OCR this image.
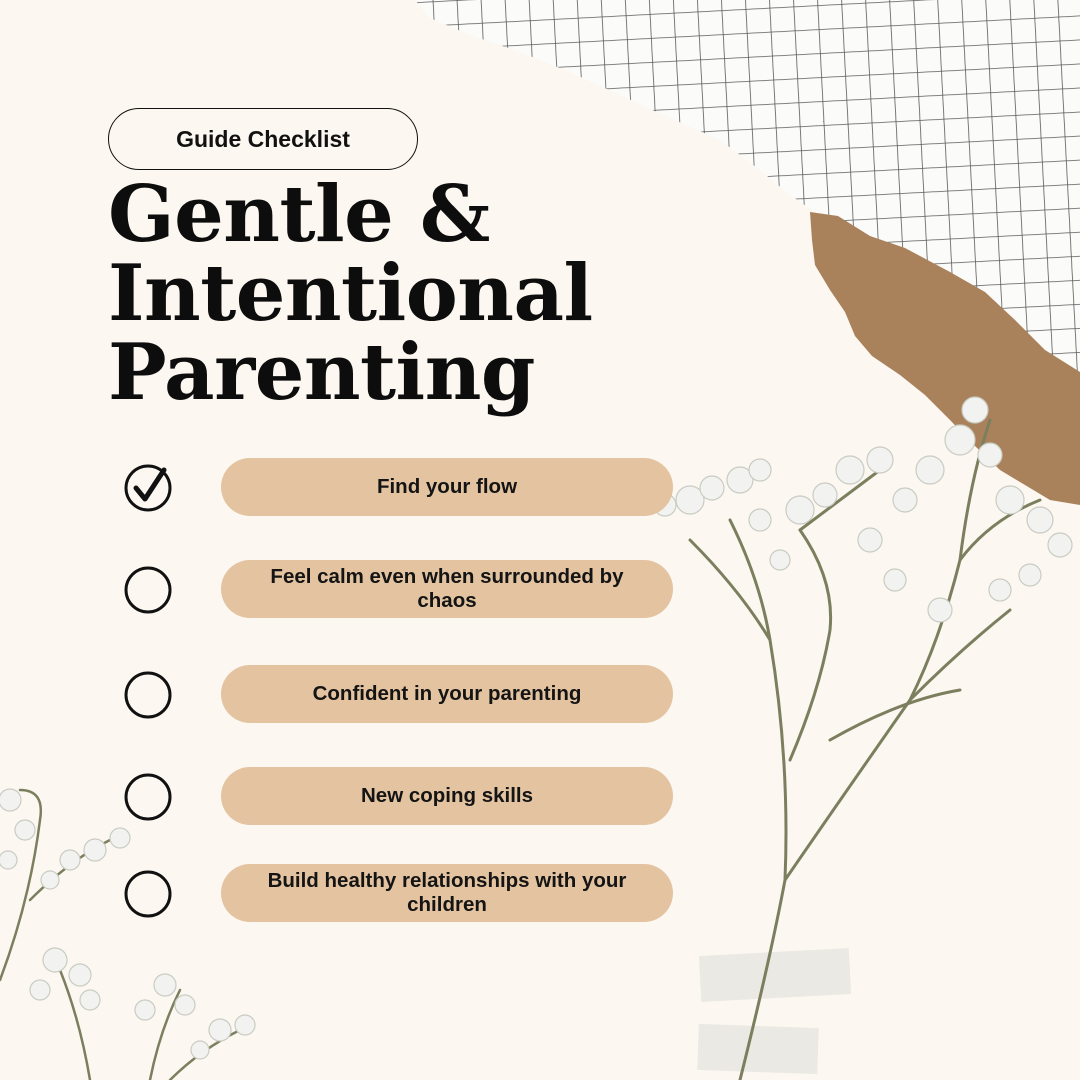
Guide Checklist
Gentle &
Intentional
Parenting
Find your flow
Feel calm even when surrounded by chaos
Confident in your parenting
New coping skills
Build healthy relationships with your children
